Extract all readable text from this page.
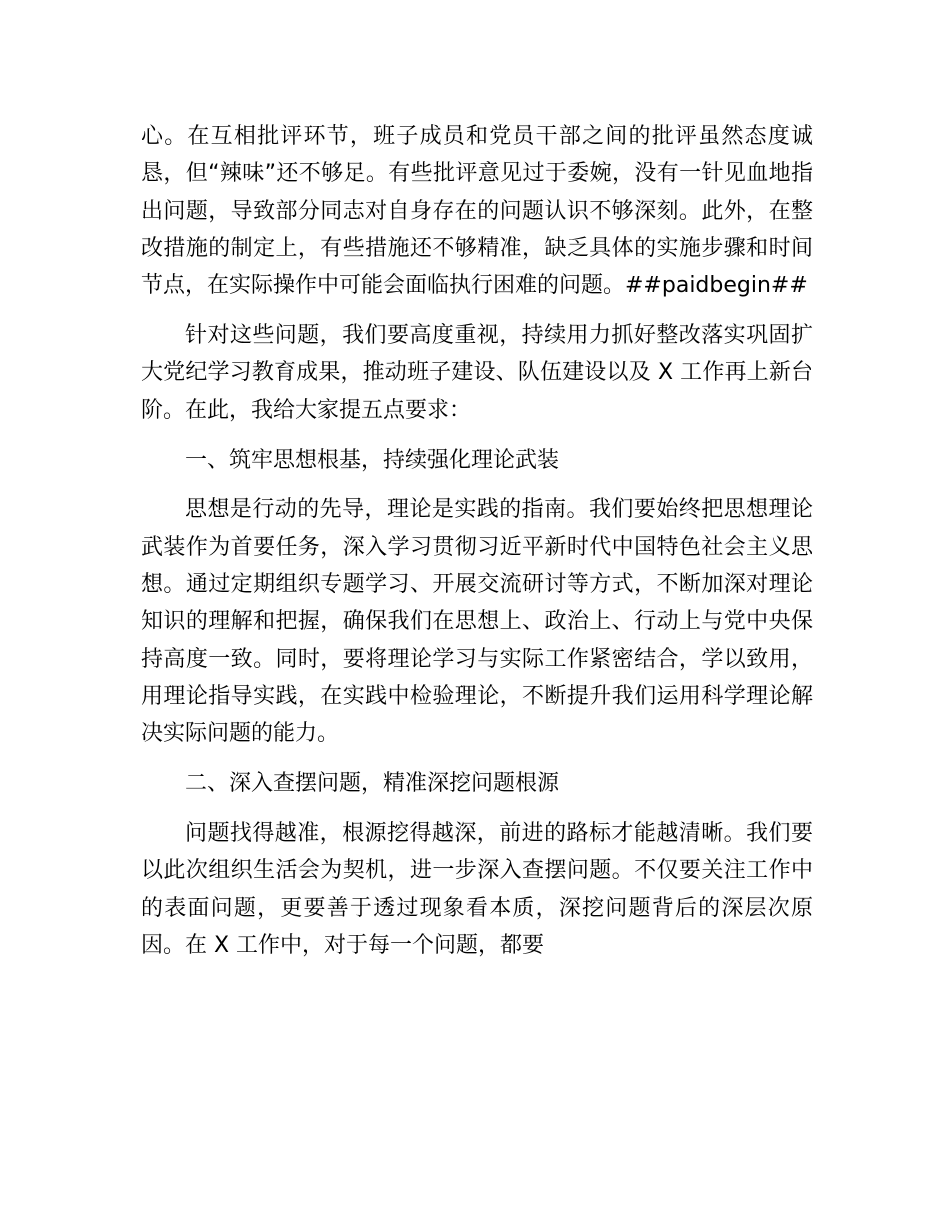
心。在互相批评环节，班子成员和党员干部之间的批评虽然态度诚恳，但“辣味”还不够足。有些批评意见过于委婉，没有一针见血地指出问题，导致部分同志对自身存在的问题认识不够深刻。此外，在整改措施的制定上，有些措施还不够精准，缺乏具体的实施步骤和时间节点，在实际操作中可能会面临执行困难的问题。##paidbegin##

针对这些问题，我们要高度重视，持续用力抓好整改落实巩固扩大党纪学习教育成果，推动班子建设、队伍建设以及 X 工作再上新台阶。在此，我给大家提五点要求：

一、筑牢思想根基，持续强化理论武装

思想是行动的先导，理论是实践的指南。我们要始终把思想理论武装作为首要任务，深入学习贯彻习近平新时代中国特色社会主义思想。通过定期组织专题学习、开展交流研讨等方式，不断加深对理论知识的理解和把握，确保我们在思想上、政治上、行动上与党中央保持高度一致。同时，要将理论学习与实际工作紧密结合，学以致用，用理论指导实践，在实践中检验理论，不断提升我们运用科学理论解决实际问题的能力。

二、深入查摆问题，精准深挖问题根源

问题找得越准，根源挖得越深，前进的路标才能越清晰。我们要以此次组织生活会为契机，进一步深入查摆问题。不仅要关注工作中的表面问题，更要善于透过现象看本质，深挖问题背后的深层次原因。在 X 工作中，对于每一个问题，都要
